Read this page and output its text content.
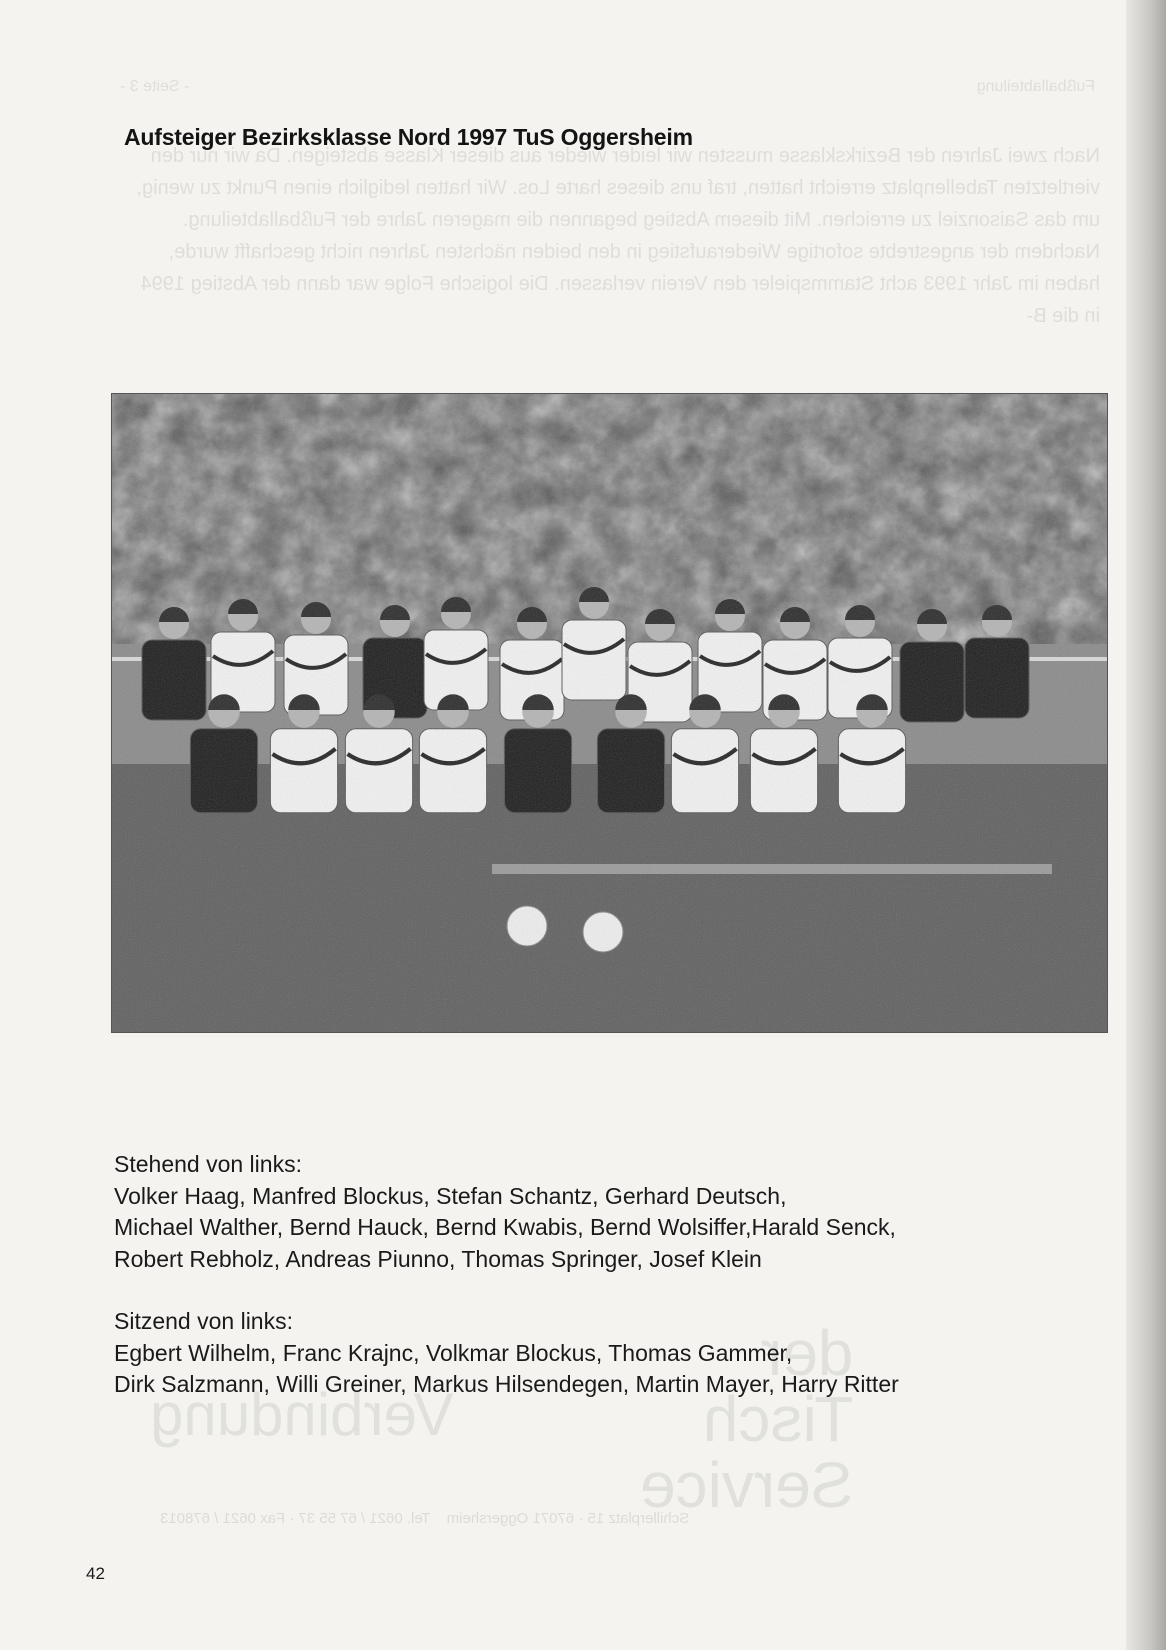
Fußballabteilung
- Seite 3 -
Nach zwei Jahren der Bezirksklasse mussten wir leider wieder aus dieser Klasse absteigen. Da wir nur den viertletzten Tabellenplatz erreicht hatten, traf uns dieses harte Los. Wir hatten lediglich einen Punkt zu wenig, um das Saisonziel zu erreichen. Mit diesem Abstieg begannen die mageren Jahre der Fußballabteilung. Nachdem der angestrebte sofortige Wiederaufstieg in den beiden nächsten Jahren nicht geschafft wurde, haben im Jahr 1993 acht Stammspieler den Verein verlassen. Die logische Folge war dann der Abstieg 1994 in die B-
Verbindung
der
Tisch
Service
Schillerplatz 15 · 67071 Oggersheim    Tel. 0621 / 67 55 37 · Fax 0621 / 678013
Aufsteiger Bezirksklasse Nord 1997 TuS Oggersheim
Stehend von links:
Volker Haag, Manfred Blockus, Stefan Schantz, Gerhard Deutsch,
Michael Walther, Bernd Hauck, Bernd Kwabis, Bernd Wolsiffer,Harald Senck,
Robert Rebholz, Andreas Piunno, Thomas Springer, Josef Klein
Sitzend von links:
Egbert Wilhelm, Franc Krajnc, Volkmar Blockus, Thomas Gammer,
Dirk Salzmann, Willi Greiner, Markus Hilsendegen, Martin Mayer, Harry Ritter
42
